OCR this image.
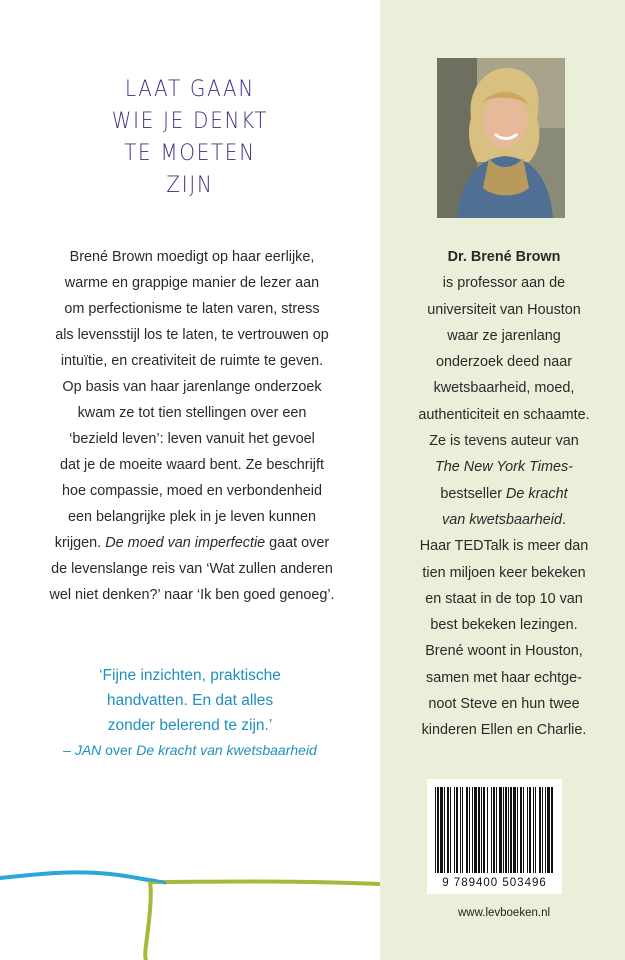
LAAT GAAN
WIE JE DENKT
TE MOETEN
ZIJN
Brené Brown moedigt op haar eerlijke,
warme en grappige manier de lezer aan
om perfectionisme te laten varen, stress
als levensstijl los te laten, te vertrouwen op
intuïtie, en creativiteit de ruimte te geven.
Op basis van haar jarenlange onderzoek
kwam ze tot tien stellingen over een
‘bezield leven’: leven vanuit het gevoel
dat je de moeite waard bent. Ze beschrijft
hoe compassie, moed en verbondenheid
een belangrijke plek in je leven kunnen
krijgen. De moed van imperfectie gaat over
de levenslange reis van ‘Wat zullen anderen
wel niet denken?’ naar ‘Ik ben goed genoeg’.
‘Fijne inzichten, praktische
handvatten. En dat alles
zonder belerend te zijn.’
– JAN over De kracht van kwetsbaarheid
Dr. Brené Brown
is professor aan de
universiteit van Houston
waar ze jarenlang
onderzoek deed naar
kwetsbaarheid, moed,
authenticiteit en schaamte.
Ze is tevens auteur van
The New York Times-
bestseller De kracht
van kwetsbaarheid.
Haar TEDTalk is meer dan
tien miljoen keer bekeken
en staat in de top 10 van
best bekeken lezingen.
Brené woont in Houston,
samen met haar echtge-
noot Steve en hun twee
kinderen Ellen en Charlie.
9 789400 503496
www.levboeken.nl
